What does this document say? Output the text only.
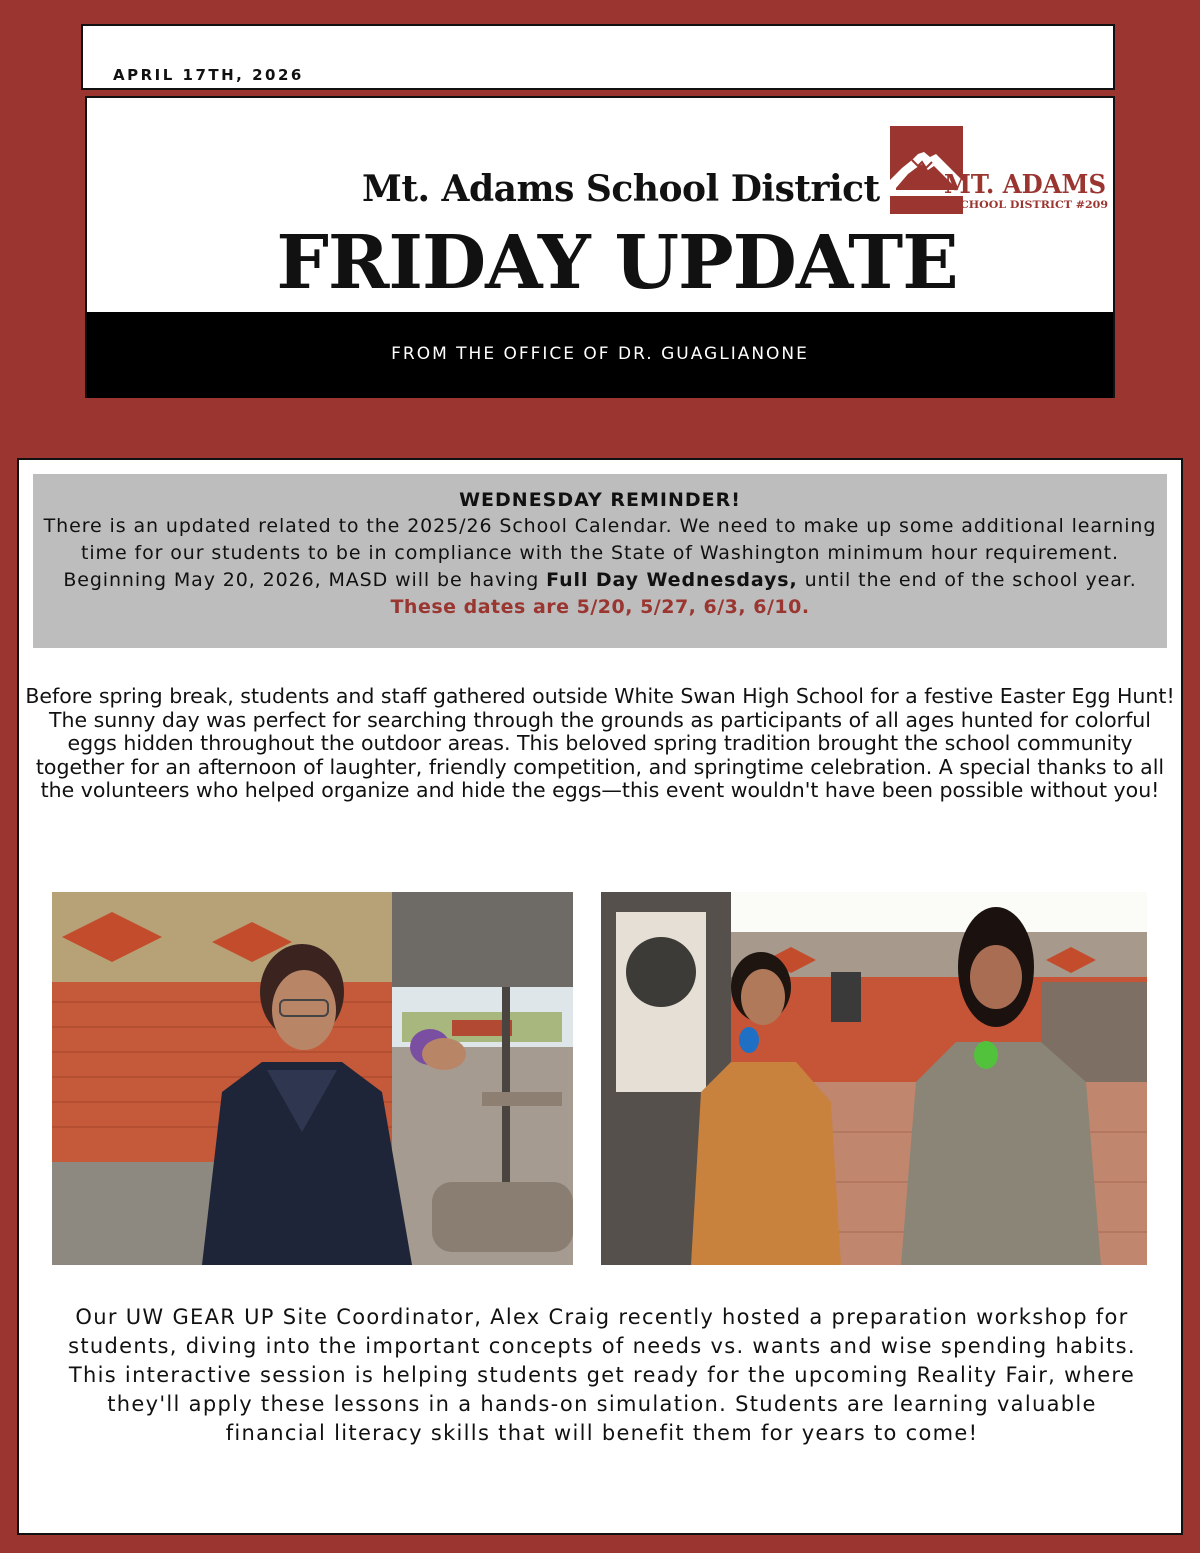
APRIL 17TH, 2026
Mt. Adams School District MT. ADAMS
SCHOOL DISTRICT #209
FRIDAY UPDATE
FROM THE OFFICE OF DR. GUAGLIANONE
WEDNESDAY REMINDER!
There is an updated related to the 2025/26 School Calendar. We need to make up some additional learning time for our students to be in compliance with the State of Washington minimum hour requirement. Beginning May 20, 2026, MASD will be having Full Day Wednesdays, until the end of the school year.
These dates are 5/20, 5/27, 6/3, 6/10.
Before spring break, students and staff gathered outside White Swan High School for a festive Easter Egg Hunt! The sunny day was perfect for searching through the grounds as participants of all ages hunted for colorful eggs hidden throughout the outdoor areas. This beloved spring tradition brought the school community together for an afternoon of laughter, friendly competition, and springtime celebration. A special thanks to all the volunteers who helped organize and hide the eggs—this event wouldn't have been possible without you!
Our UW GEAR UP Site Coordinator, Alex Craig recently hosted a preparation workshop for students, diving into the important concepts of needs vs. wants and wise spending habits. This interactive session is helping students get ready for the upcoming Reality Fair, where they'll apply these lessons in a hands-on simulation. Students are learning valuable financial literacy skills that will benefit them for years to come!
